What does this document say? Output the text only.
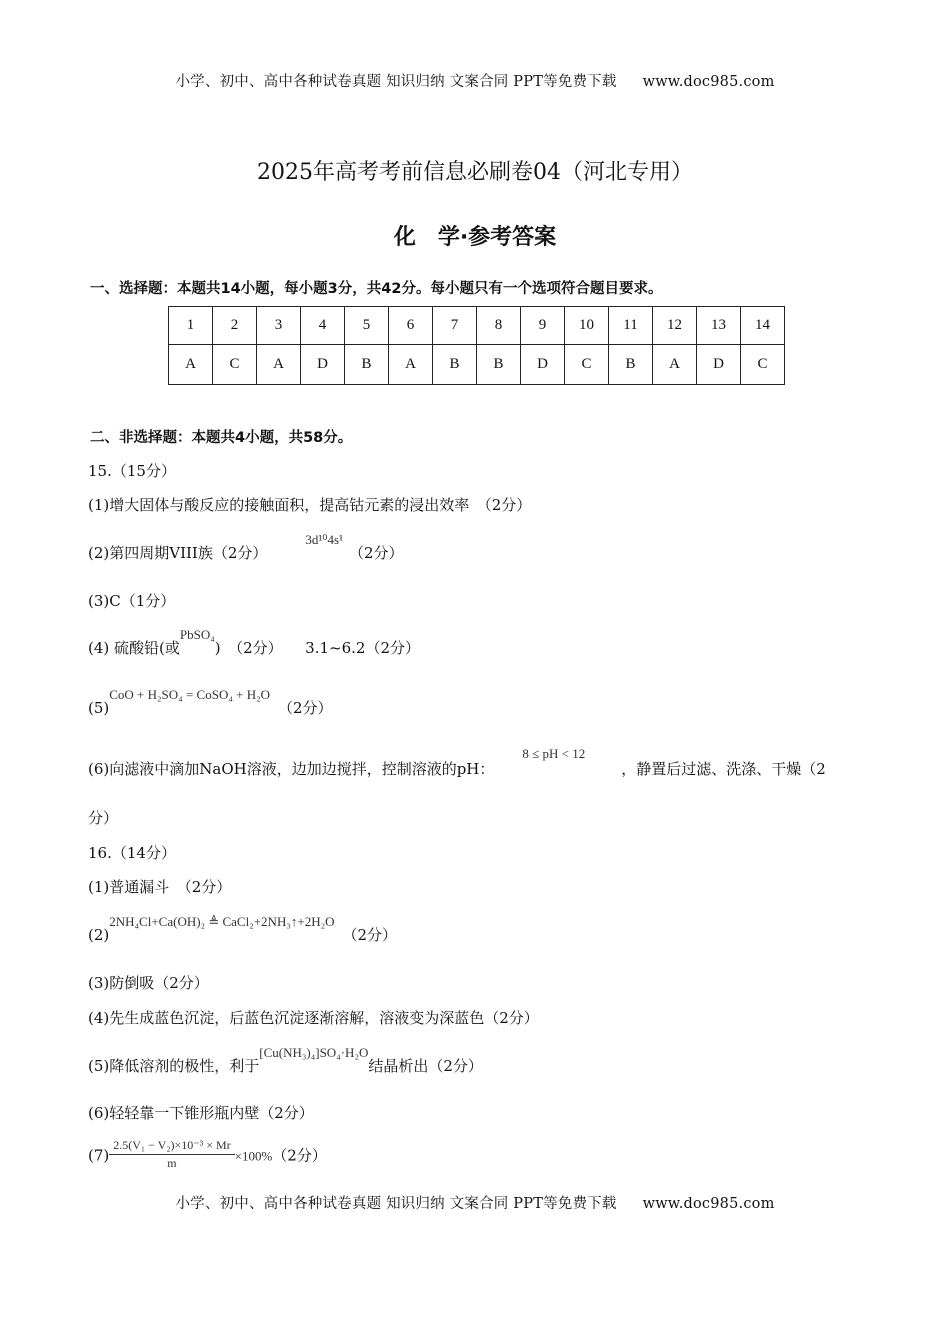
小学、初中、高中各种试卷真题 知识归纳 文案合同 PPT等免费下载 www.doc985.com
2025年高考考前信息必刷卷04（河北专用）
化　学·参考答案
一、选择题：本题共14小题，每小题3分，共42分。每小题只有一个选项符合题目要求。
1	2	3	4	5	6	7	8	9	10	11	12	13	14
A	C	A	D	B	A	B	B	D	C	B	A	D	C
二、非选择题：本题共4小题，共58分。
15.（15分）
(1)增大固体与酸反应的接触面积，提高钴元素的浸出效率　（2分）
(2)第四周期VIII族（2分）3d¹⁰4s¹（2分）
(3)C（1分）
(4) 硫酸铅(或PbSO₄)　（2分）　　3.1~6.2（2分）
(5)CoO + H₂SO₄ = CoSO₄ + H₂O（2分）
(6)向滤液中滴加NaOH溶液，边加边搅拌，控制溶液的pH：8 ≤ pH < 12，静置后过滤、洗涤、干燥（2
分）
16.（14分）
(1)普通漏斗　（2分）
(2)2NH₄Cl+Ca(OH)₂ ≜ CaCl₂+2NH₃↑+2H₂O（2分）
(3)防倒吸（2分）
(4)先生成蓝色沉淀，后蓝色沉淀逐渐溶解，溶液变为深蓝色（2分）
(5)降低溶剂的极性，利于[Cu(NH₃)₄]SO₄·H₂O结晶析出（2分）
(6)轻轻靠一下锥形瓶内壁（2分）
$(7) \frac{\text{2.5(V₁ − V₂)×10⁻³ × Mr}}{m} \times 100\%(2$分）
小学、初中、高中各种试卷真题 知识归纳 文案合同 PPT等免费下载 www.doc985.com
